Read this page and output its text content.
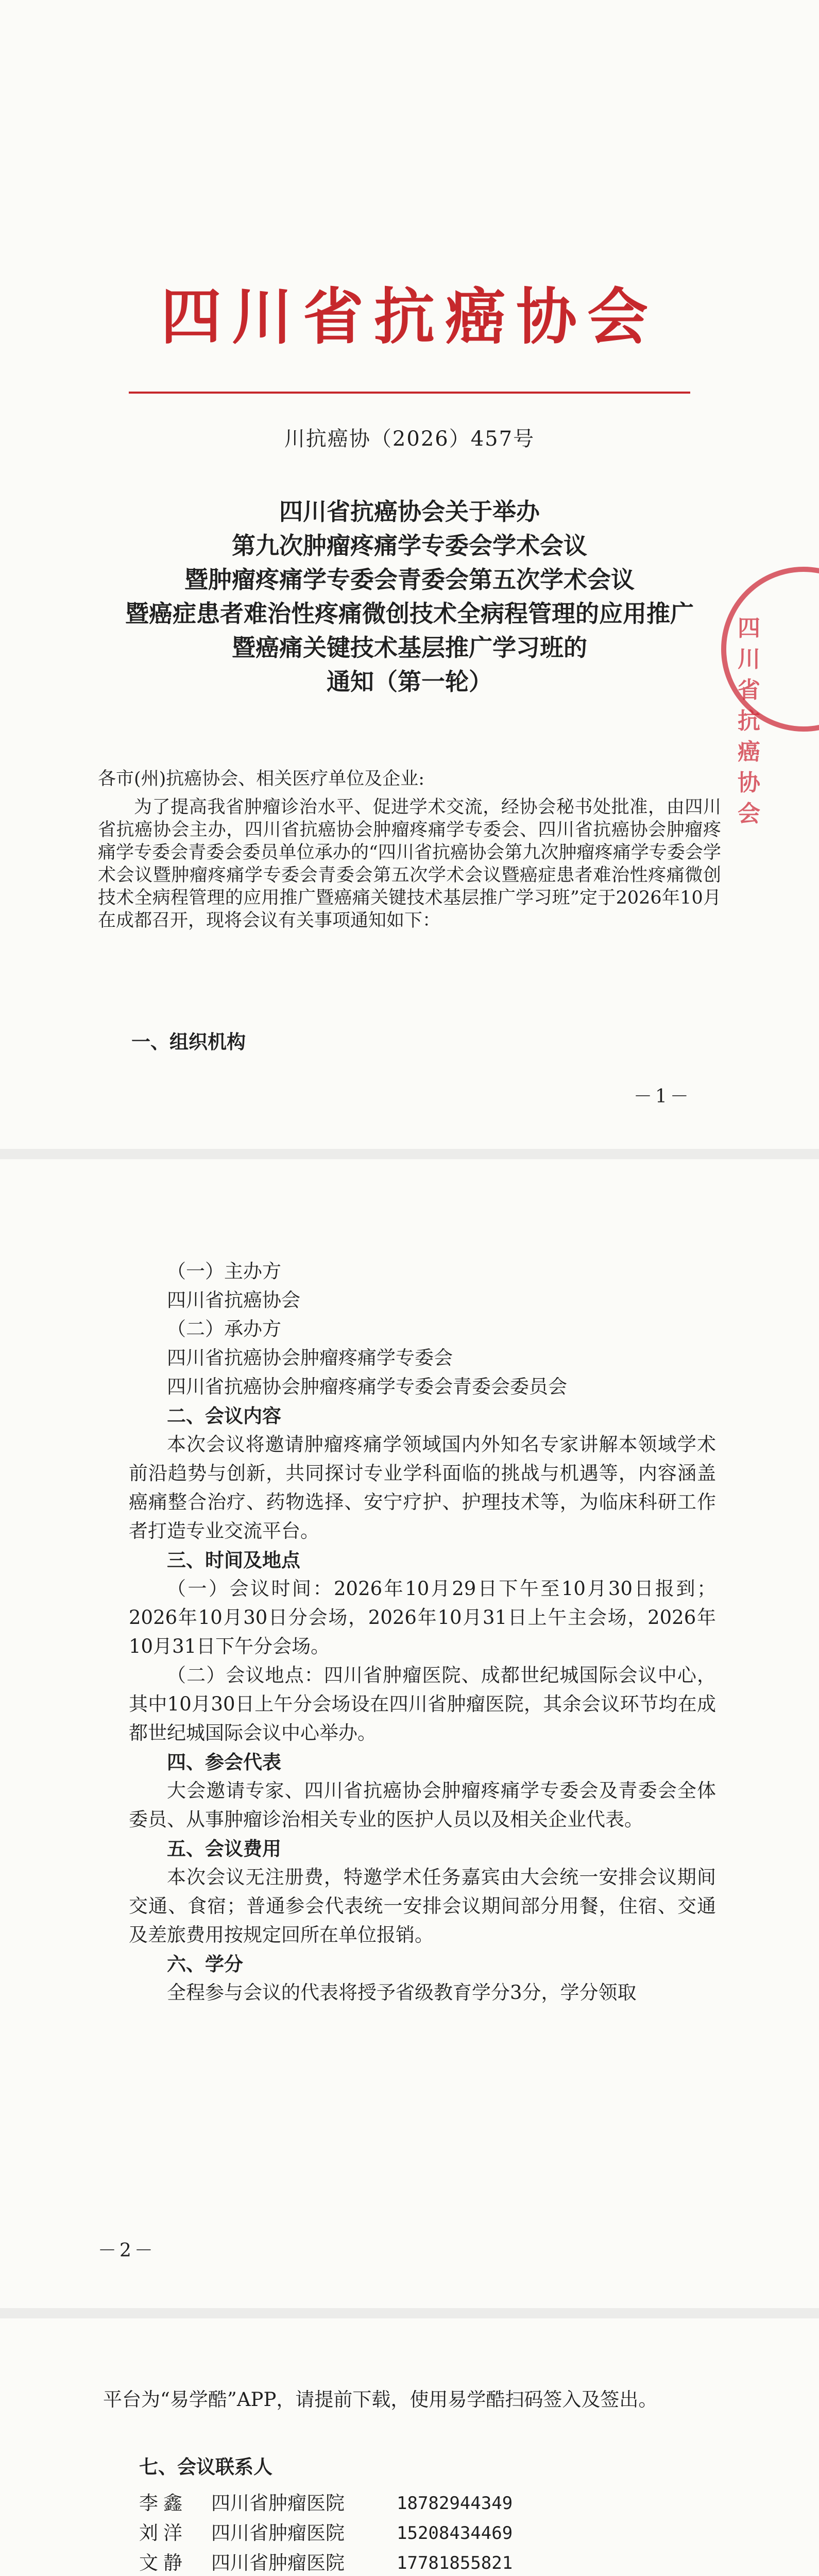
四川省抗癌协会
川抗癌协（2026）457号
四川省抗癌协会关于举办
第九次肿瘤疼痛学专委会学术会议
暨肿瘤疼痛学专委会青委会第五次学术会议
暨癌症患者难治性疼痛微创技术全病程管理的应用推广
暨癌痛关键技术基层推广学习班的
通知（第一轮）
四川省抗癌协会
各市(州)抗癌协会、相关医疗单位及企业:
为了提高我省肿瘤诊治水平、促进学术交流，经协会秘书处批准，由四川省抗癌协会主办，四川省抗癌协会肿瘤疼痛学专委会、四川省抗癌协会肿瘤疼痛学专委会青委会委员单位承办的“四川省抗癌协会第九次肿瘤疼痛学专委会学术会议暨肿瘤疼痛学专委会青委会第五次学术会议暨癌症患者难治性疼痛微创技术全病程管理的应用推广暨癌痛关键技术基层推广学习班”定于2026年10月在成都召开，现将会议有关事项通知如下：
一、组织机构
－1－
（一）主办方
四川省抗癌协会
（二）承办方
四川省抗癌协会肿瘤疼痛学专委会
四川省抗癌协会肿瘤疼痛学专委会青委会委员会
二、会议内容
本次会议将邀请肿瘤疼痛学领域国内外知名专家讲解本领域学术前沿趋势与创新，共同探讨专业学科面临的挑战与机遇等，内容涵盖癌痛整合治疗、药物选择、安宁疗护、护理技术等，为临床科研工作者打造专业交流平台。
三、时间及地点
（一）会议时间：2026年10月29日下午至10月30日报到；2026年10月30日分会场，2026年10月31日上午主会场，2026年10月31日下午分会场。
（二）会议地点：四川省肿瘤医院、成都世纪城国际会议中心，其中10月30日上午分会场设在四川省肿瘤医院，其余会议环节均在成都世纪城国际会议中心举办。
四、参会代表
大会邀请专家、四川省抗癌协会肿瘤疼痛学专委会及青委会全体委员、从事肿瘤诊治相关专业的医护人员以及相关企业代表。
五、会议费用
本次会议无注册费，特邀学术任务嘉宾由大会统一安排会议期间交通、食宿；普通参会代表统一安排会议期间部分用餐，住宿、交通及差旅费用按规定回所在单位报销。
六、学分
全程参与会议的代表将授予省级教育学分3分，学分领取
－2－
平台为“易学酷”APP，请提前下载，使用易学酷扫码签入及签出。
七、会议联系人
李鑫	四川省肿瘤医院	18782944349
刘洋	四川省肿瘤医院	15208434469
文静	四川省肿瘤医院	17781855821
